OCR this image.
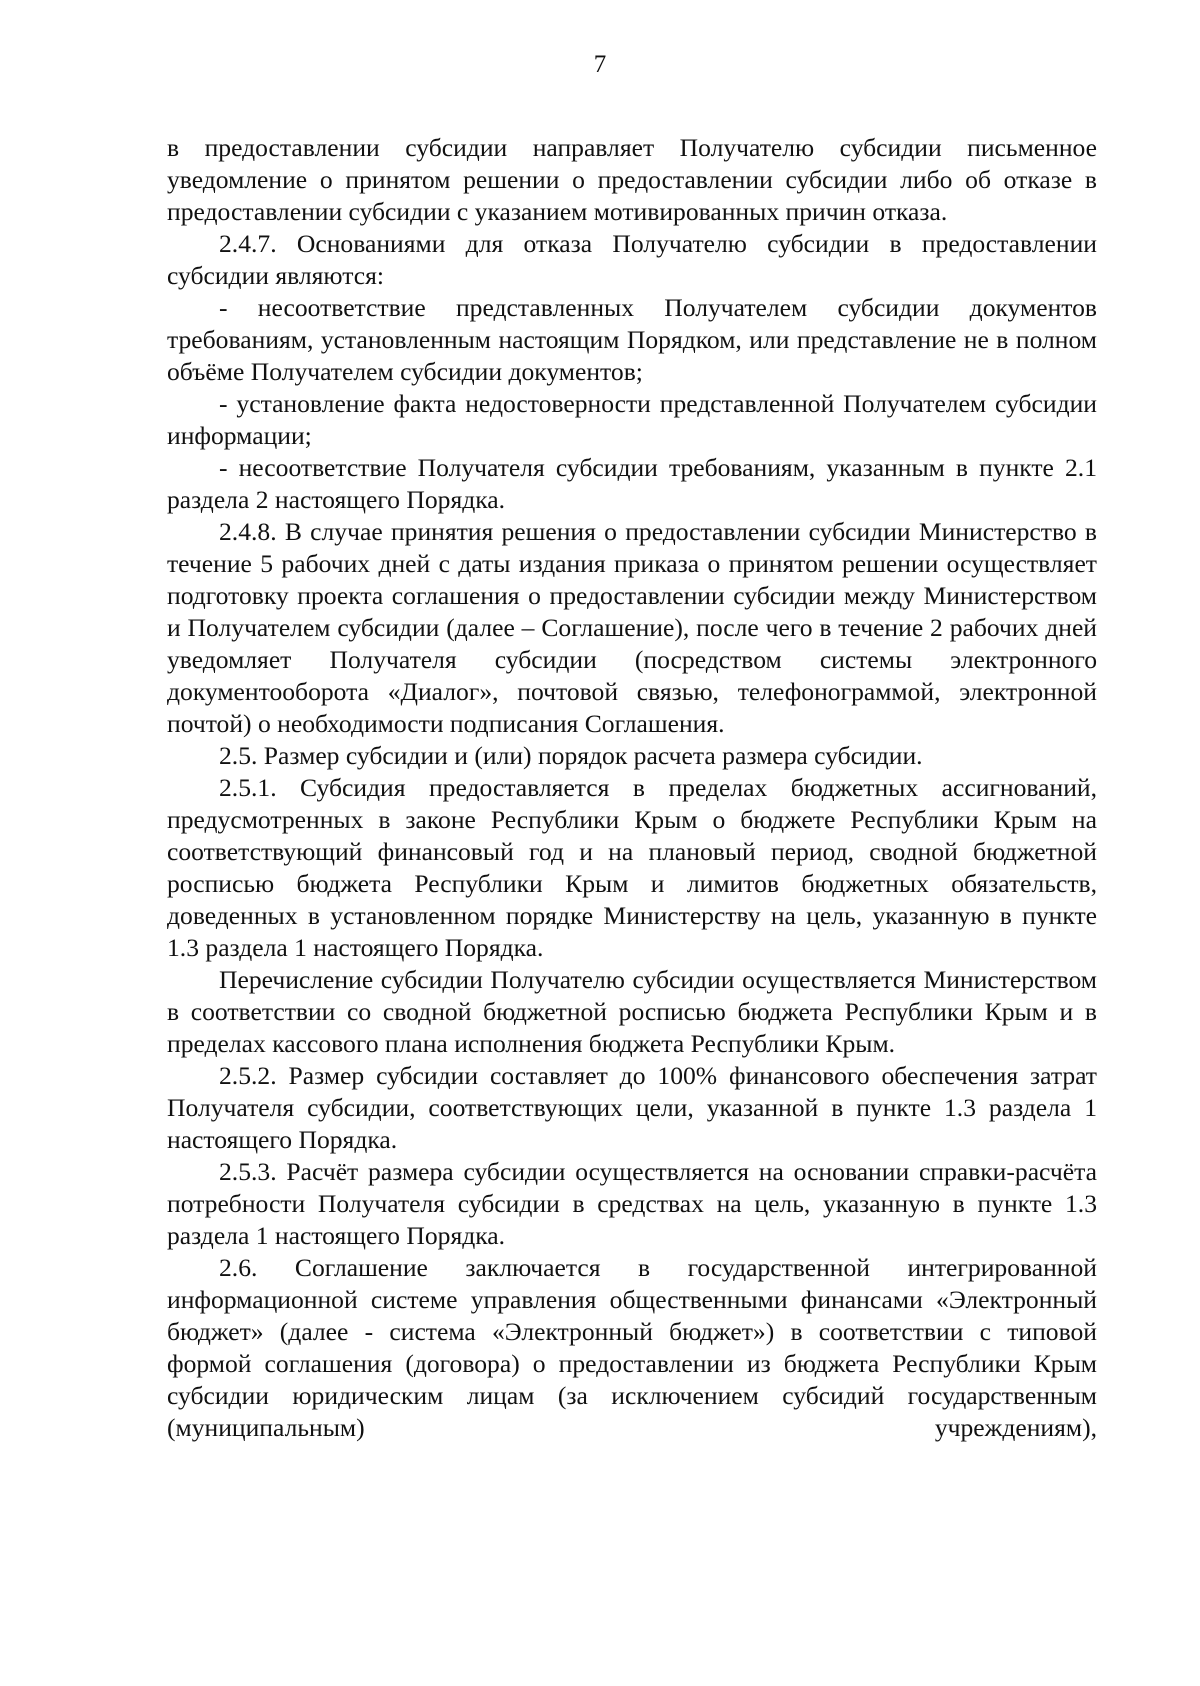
7

в предоставлении субсидии направляет Получателю субсидии письменное уведомление о принятом решении о предоставлении субсидии либо об отказе в предоставлении субсидии с указанием мотивированных причин отказа.

2.4.7. Основаниями для отказа Получателю субсидии в предоставлении субсидии являются:

- несоответствие представленных Получателем субсидии документов требованиям, установленным настоящим Порядком, или представление не в полном объёме Получателем субсидии документов;

- установление факта недостоверности представленной Получателем субсидии информации;

- несоответствие Получателя субсидии требованиям, указанным в пункте 2.1 раздела 2 настоящего Порядка.

2.4.8. В случае принятия решения о предоставлении субсидии Министерство в течение 5 рабочих дней с даты издания приказа о принятом решении осуществляет подготовку проекта соглашения о предоставлении субсидии между Министерством и Получателем субсидии (далее – Соглашение), после чего в течение 2 рабочих дней уведомляет Получателя субсидии (посредством системы электронного документооборота «Диалог», почтовой связью, телефонограммой, электронной почтой) о необходимости подписания Соглашения.

2.5. Размер субсидии и (или) порядок расчета размера субсидии.

2.5.1. Субсидия предоставляется в пределах бюджетных ассигнований, предусмотренных в законе Республики Крым о бюджете Республики Крым на соответствующий финансовый год и на плановый период, сводной бюджетной росписью бюджета Республики Крым и лимитов бюджетных обязательств, доведенных в установленном порядке Министерству на цель, указанную в пункте 1.3 раздела 1 настоящего Порядка.

Перечисление субсидии Получателю субсидии осуществляется Министерством в соответствии со сводной бюджетной росписью бюджета Республики Крым и в пределах кассового плана исполнения бюджета Республики Крым.

2.5.2. Размер субсидии составляет до 100% финансового обеспечения затрат Получателя субсидии, соответствующих цели, указанной в пункте 1.3 раздела 1 настоящего Порядка.

2.5.3. Расчёт размера субсидии осуществляется на основании справки-расчёта потребности Получателя субсидии в средствах на цель, указанную в пункте 1.3 раздела 1 настоящего Порядка.

2.6. Соглашение заключается в государственной интегрированной информационной системе управления общественными финансами «Электронный бюджет» (далее - система «Электронный бюджет») в соответствии с типовой формой соглашения (договора) о предоставлении из бюджета Республики Крым субсидии юридическим лицам (за исключением субсидий государственным (муниципальным) учреждениям),
